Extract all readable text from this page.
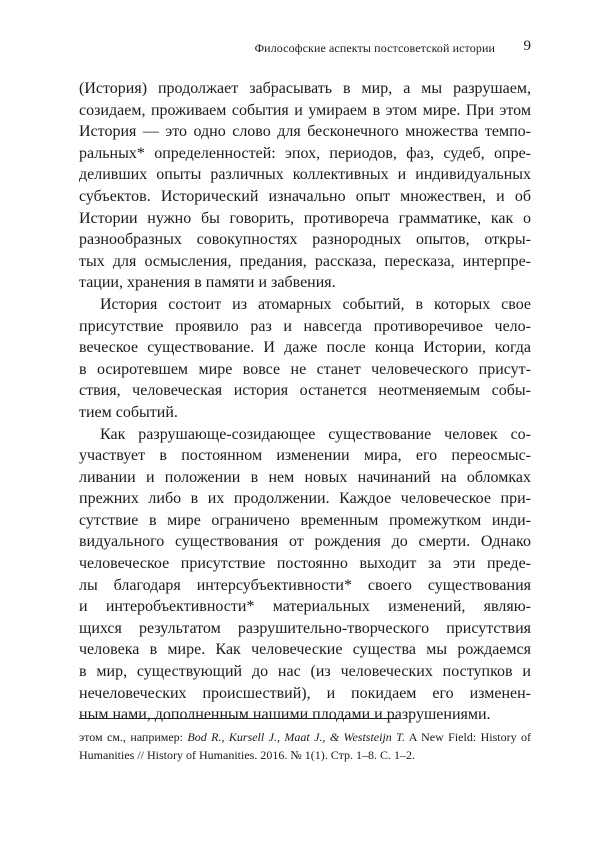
Философские аспекты постсоветской истории 9
(История) продолжает забрасывать в мир, а мы разрушаем,
созидаем, проживаем события и умираем в этом мире. При этом
История — это одно слово для бесконечного множества темпо-
ральных* определенностей: эпох, периодов, фаз, судеб, опре-
деливших опыты различных коллективных и индивидуальных
субъектов. Исторический изначально опыт множествен, и об
Истории нужно бы говорить, противореча грамматике, как о
разнообразных совокупностях разнородных опытов, откры-
тых для осмысления, предания, рассказа, пересказа, интерпре-
тации, хранения в памяти и забвения.
История состоит из атомарных событий, в которых свое
присутствие проявило раз и навсегда противоречивое чело-
веческое существование. И даже после конца Истории, когда
в осиротевшем мире вовсе не станет человеческого присут-
ствия, человеческая история останется неотменяемым собы-
тием событий.
Как разрушающе-созидающее существование человек со-
участвует в постоянном изменении мира, его переосмыс-
ливании и положении в нем новых начинаний на обломках
прежних либо в их продолжении. Каждое человеческое при-
сутствие в мире ограничено временным промежутком инди-
видуального существования от рождения до смерти. Однако
человеческое присутствие постоянно выходит за эти преде-
лы благодаря интерсубъективности* своего существования
и интеробъективности* материальных изменений, являю-
щихся результатом разрушительно-творческого присутствия
человека в мире. Как человеческие существа мы рождаемся
в мир, существующий до нас (из человеческих поступков и
нечеловеческих происшествий), и покидаем его изменен-
ным нами, дополненным нашими плодами и разрушениями.
этом см., например: Bod R., Kursell J., Maat J., & Weststeijn T. A New Field: History of
Humanities // History of Humanities. 2016. № 1(1). Стр. 1–8. С. 1–2.
